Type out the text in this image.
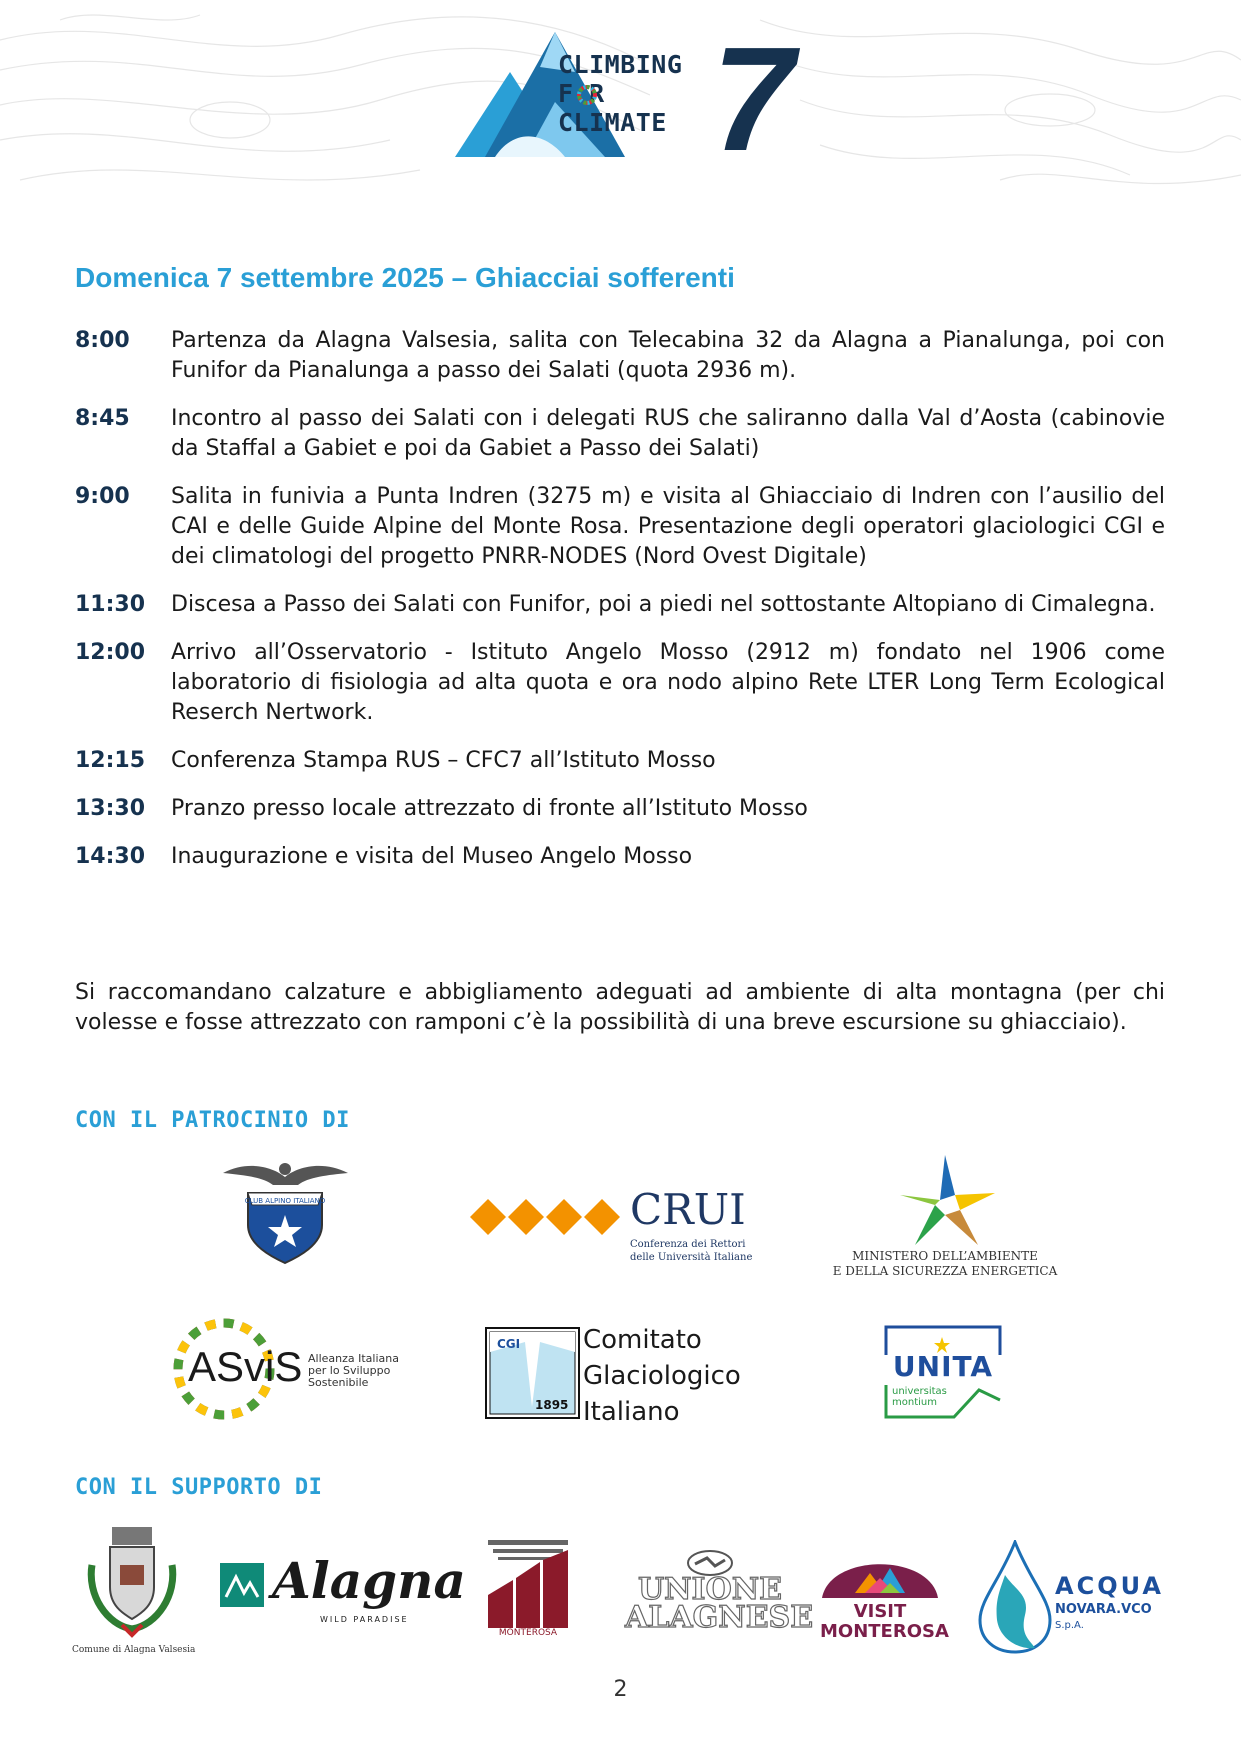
CLIMBING
F R
CLIMATE 7
Domenica 7 settembre 2025 – Ghiacciai sofferenti
8:00	Partenza da Alagna Valsesia, salita con Telecabina 32 da Alagna a Pianalunga, poi con Funifor da Pianalunga a passo dei Salati (quota 2936 m).
8:45	Incontro al passo dei Salati con i delegati RUS che saliranno dalla Val d’Aosta (cabinovie da Staffal a Gabiet e poi da Gabiet a Passo dei Salati)
9:00	Salita in funivia a Punta Indren (3275 m) e visita al Ghiacciaio di Indren con l’ausilio del CAI e delle Guide Alpine del Monte Rosa. Presentazione degli operatori glaciologici CGI e dei climatologi del progetto PNRR-NODES (Nord Ovest Digitale)
11:30	Discesa a Passo dei Salati con Funifor, poi a piedi nel sottostante Altopiano di Cimalegna.
12:00	Arrivo all’Osservatorio - Istituto Angelo Mosso (2912 m) fondato nel 1906 come laboratorio di fisiologia ad alta quota e ora nodo alpino Rete LTER Long Term Ecological Reserch Nertwork.
12:15	Conferenza Stampa RUS – CFC7 all’Istituto Mosso
13:30	Pranzo presso locale attrezzato di fronte all’Istituto Mosso
14:30	Inaugurazione e visita del Museo Angelo Mosso
Si raccomandano calzature e abbigliamento adeguati ad ambiente di alta montagna (per chi volesse e fosse attrezzato con ramponi c’è la possibilità di una breve escursione su ghiacciaio).
CON IL PATROCINIO DI
CLUB ALPINO ITALIANO	CRUI
Conferenza dei Rettori
delle Università Italiane	MINISTERO DELL’AMBIENTE
E DELLA SICUREZZA ENERGETICA
ASviS Alleanza Italiana
per lo Sviluppo
Sostenibile
CGI
1895
Comitato
Glaciologico
Italiano
UNITA
universitas
montium
CON IL SUPPORTO DI
Comune di Alagna Valsesia
Alagna
WILD PARADISE
MONTEROSA
UNIONE
ALAGNESE	VISIT
MONTEROSA
ACQUA
NOVARA.VCO
S.p.A.
2
